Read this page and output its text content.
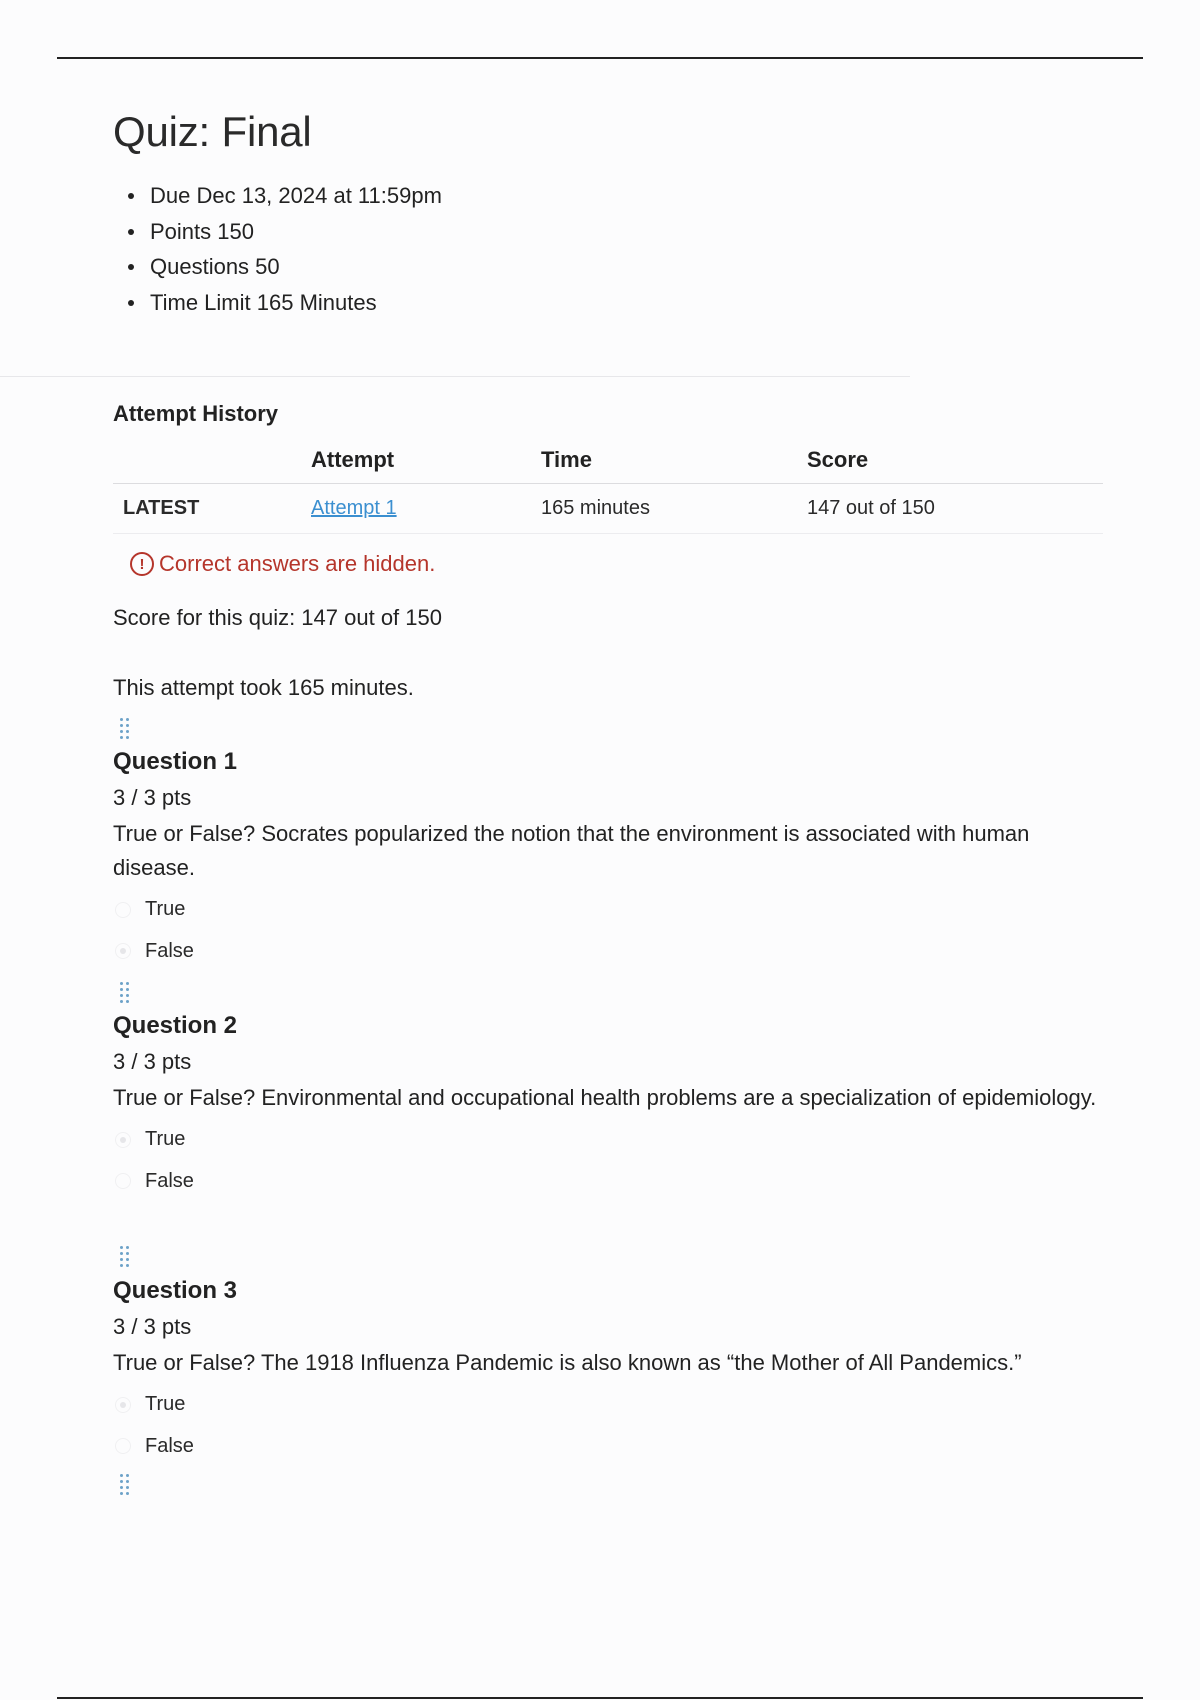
Quiz: Final
Due Dec 13, 2024 at 11:59pm
Points 150
Questions 50
Time Limit 165 Minutes
Attempt History
	Attempt	Time	Score
LATEST	Attempt 1	165 minutes	147 out of 150
! Correct answers are hidden.

Score for this quiz: 147 out of 150

This attempt took 165 minutes.

Question 1
3 / 3 pts
True or False? Socrates popularized the notion that the environment is associated with human disease.
True
False
Question 2
3 / 3 pts
True or False? Environmental and occupational health problems are a specialization of epidemiology.
True
False
Question 3
3 / 3 pts
True or False? The 1918 Influenza Pandemic is also known as “the Mother of All Pandemics.”
True
False
